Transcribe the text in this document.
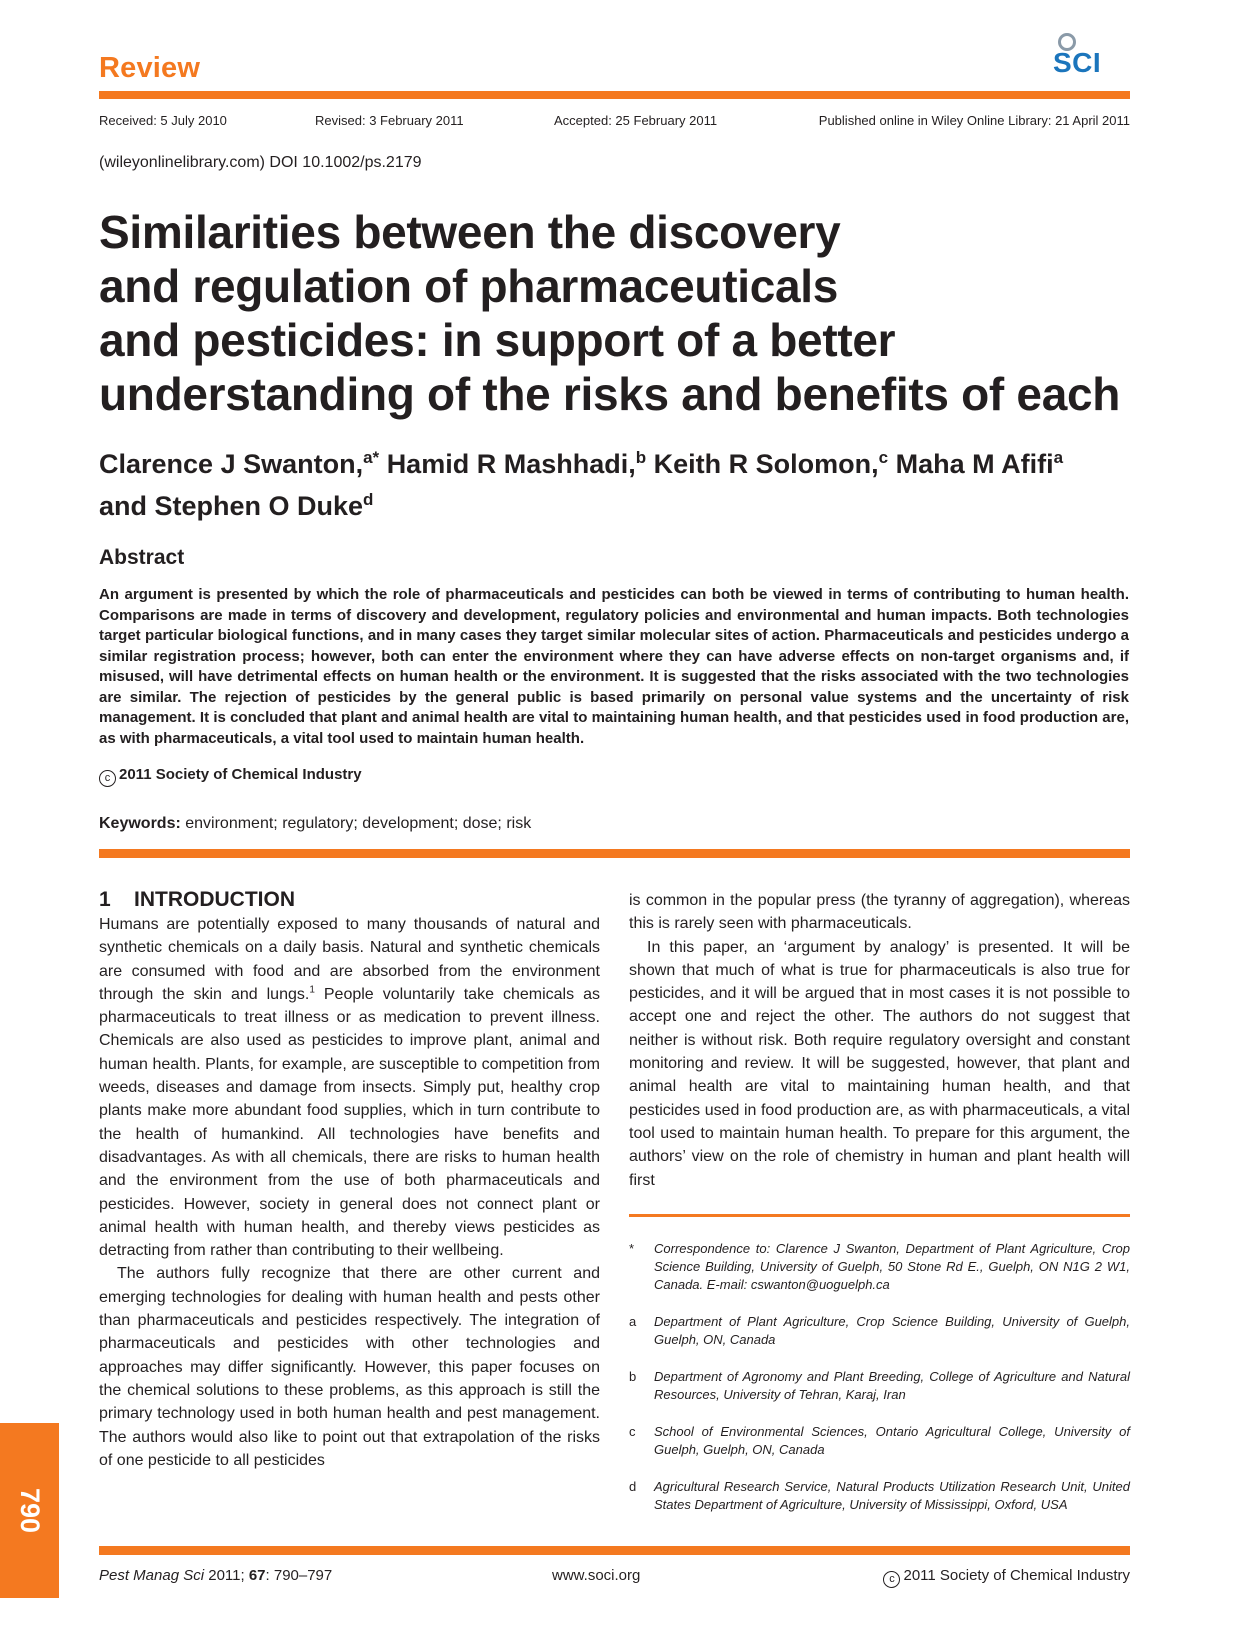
Review	SCI
Received: 5 July 2010	Revised: 3 February 2011	Accepted: 25 February 2011	Published online in Wiley Online Library: 21 April 2011
(wileyonlinelibrary.com) DOI 10.1002/ps.2179
Similarities between the discovery
and regulation of pharmaceuticals
and pesticides: in support of a better
understanding of the risks and benefits of each
Clarence J Swanton,$^{a*}$ Hamid R Mashhadi,$^b$ Keith R Solomon,$^c$ Maha M Afifi$^a$
and Stephen O Duke$^d$
Abstract
An argument is presented by which the role of pharmaceuticals and pesticides can both be viewed in terms of contributing to human health. Comparisons are made in terms of discovery and development, regulatory policies and environmental and human impacts. Both technologies target particular biological functions, and in many cases they target similar molecular sites of action. Pharmaceuticals and pesticides undergo a similar registration process; however, both can enter the environment where they can have adverse effects on non-target organisms and, if misused, will have detrimental effects on human health or the environment. It is suggested that the risks associated with the two technologies are similar. The rejection of pesticides by the general public is based primarily on personal value systems and the uncertainty of risk management. It is concluded that plant and animal health are vital to maintaining human health, and that pesticides used in food production are, as with pharmaceuticals, a vital tool used to maintain human health.
c 2011 Society of Chemical Industry
Keywords: environment; regulatory; development; dose; risk
1    INTRODUCTION

Humans are potentially exposed to many thousands of natural and synthetic chemicals on a daily basis. Natural and synthetic chemicals are consumed with food and are absorbed from the environment through the skin and lungs.$^1$ People voluntarily take chemicals as pharmaceuticals to treat illness or as medication to prevent illness. Chemicals are also used as pesticides to improve plant, animal and human health. Plants, for example, are susceptible to competition from weeds, diseases and damage from insects. Simply put, healthy crop plants make more abundant food supplies, which in turn contribute to the health of humankind. All technologies have benefits and disadvantages. As with all chemicals, there are risks to human health and the environment from the use of both pharmaceuticals and pesticides. However, society in general does not connect plant or animal health with human health, and thereby views pesticides as detracting from rather than contributing to their wellbeing.

The authors fully recognize that there are other current and emerging technologies for dealing with human health and pests other than pharmaceuticals and pesticides respectively. The integration of pharmaceuticals and pesticides with other technologies and approaches may differ significantly. However, this paper focuses on the chemical solutions to these problems, as this approach is still the primary technology used in both human health and pest management. The authors would also like to point out that extrapolation of the risks of one pesticide to all pesticides

is common in the popular press (the tyranny of aggregation), whereas this is rarely seen with pharmaceuticals.

In this paper, an ‘argument by analogy’ is presented. It will be shown that much of what is true for pharmaceuticals is also true for pesticides, and it will be argued that in most cases it is not possible to accept one and reject the other. The authors do not suggest that neither is without risk. Both require regulatory oversight and constant monitoring and review. It will be suggested, however, that plant and animal health are vital to maintaining human health, and that pesticides used in food production are, as with pharmaceuticals, a vital tool used to maintain human health. To prepare for this argument, the authors’ view on the role of chemistry in human and plant health will first

* Correspondence to: Clarence J Swanton, Department of Plant Agriculture, Crop Science Building, University of Guelph, 50 Stone Rd E., Guelph, ON N1G 2 W1, Canada. E-mail: cswanton@uoguelph.ca
a Department of Plant Agriculture, Crop Science Building, University of Guelph, Guelph, ON, Canada
b Department of Agronomy and Plant Breeding, College of Agriculture and Natural Resources, University of Tehran, Karaj, Iran
c School of Environmental Sciences, Ontario Agricultural College, University of Guelph, Guelph, ON, Canada
d Agricultural Research Service, Natural Products Utilization Research Unit, United States Department of Agriculture, University of Mississippi, Oxford, USA
790
Pest Manag Sci 2011; 67: 790–797	www.soci.org	c 2011 Society of Chemical Industry
